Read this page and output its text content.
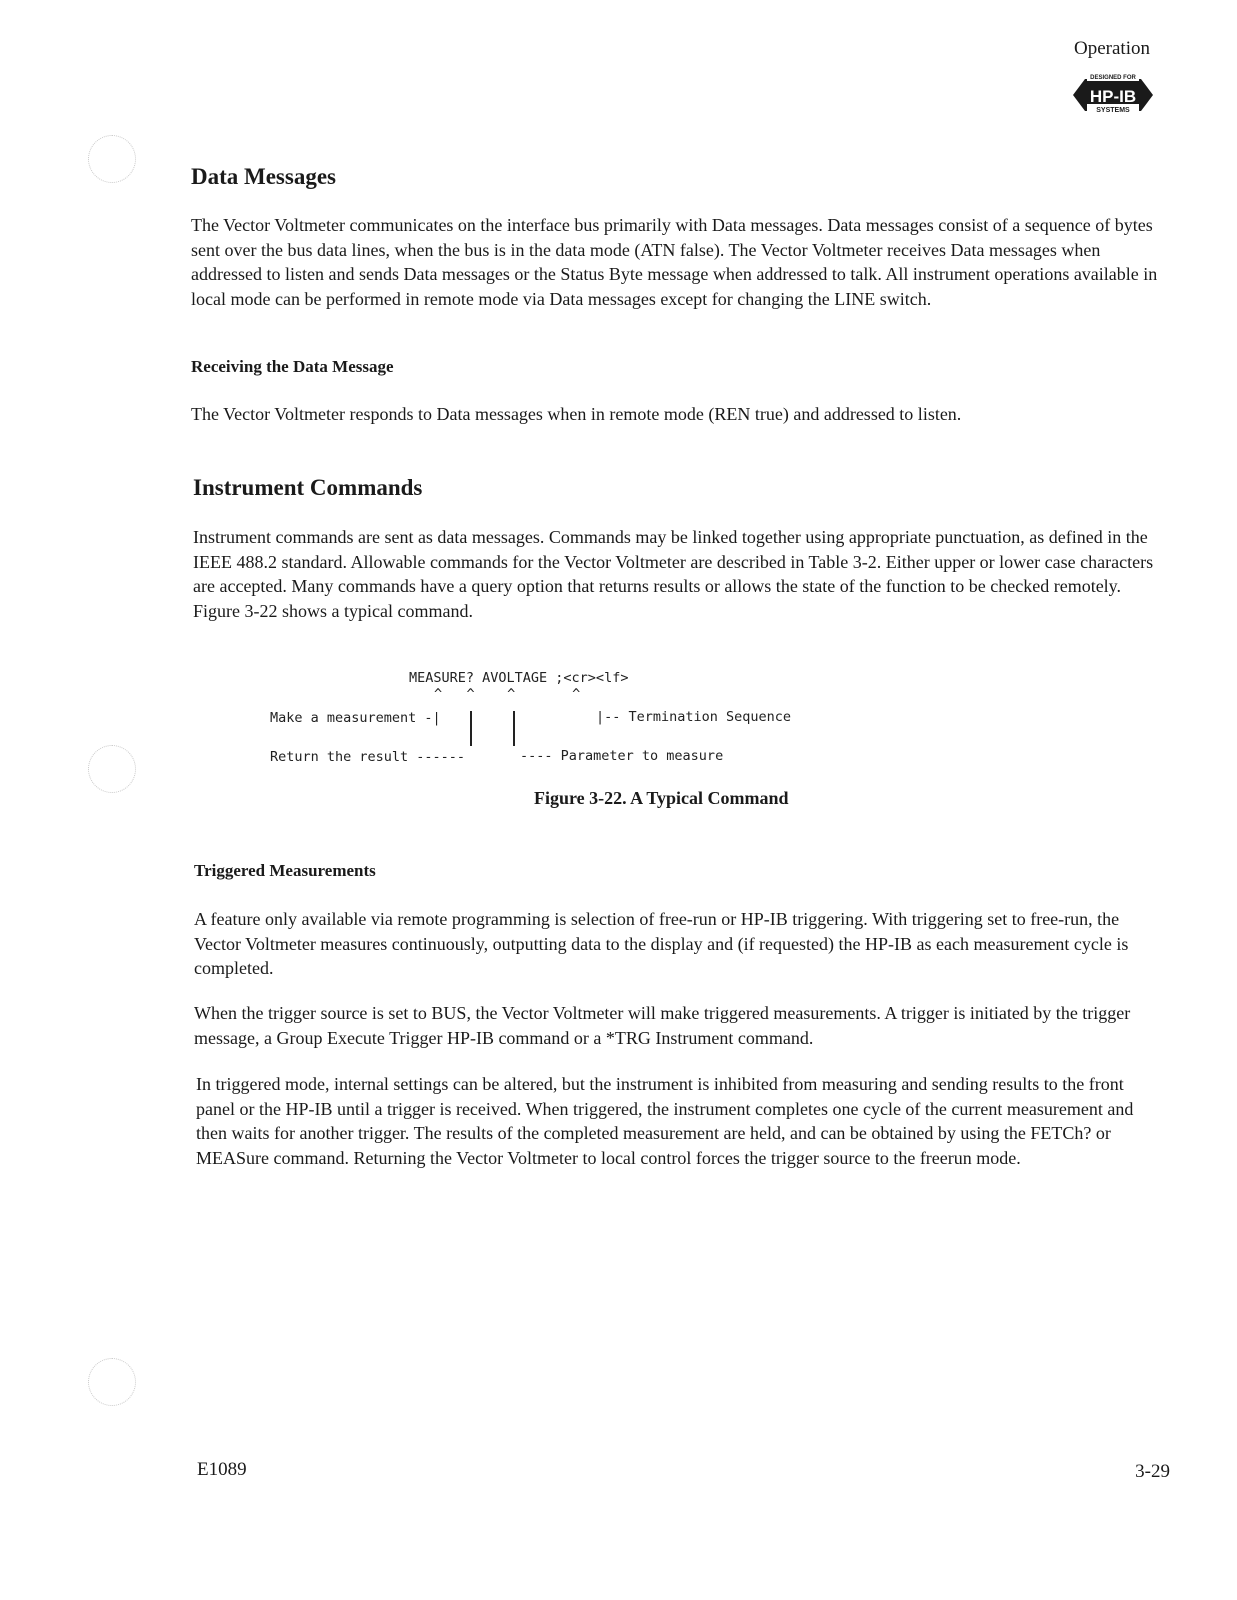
Operation
DESIGNED FOR
HP-IB
SYSTEMS
Data Messages

The Vector Voltmeter communicates on the interface bus primarily with Data messages. Data messages consist of a sequence of bytes sent over the bus data lines, when the bus is in the data mode (ATN false). The Vector Voltmeter receives Data messages when addressed to listen and sends Data messages or the Status Byte message when addressed to talk. All instrument operations available in local mode can be performed in remote mode via Data messages except for changing the LINE switch.

Receiving the Data Message

The Vector Voltmeter responds to Data messages when in remote mode (REN true) and addressed to listen.

Instrument Commands

Instrument commands are sent as data messages. Commands may be linked together using appropriate punctuation, as defined in the IEEE 488.2 standard. Allowable commands for the Vector Voltmeter are described in Table 3-2. Either upper or lower case characters are accepted. Many commands have a query option that returns results or allows the state of the function to be checked remotely. Figure 3-22 shows a typical command.

MEASURE? AVOLTAGE ;<cr><lf>
^   ^    ^       ^
Make a measurement -|	|-- Termination Sequence
Return the result ------	---- Parameter to measure
Figure 3-22. A Typical Command
Triggered Measurements

A feature only available via remote programming is selection of free-run or HP-IB triggering. With triggering set to free-run, the Vector Voltmeter measures continuously, outputting data to the display and (if requested) the HP-IB as each measurement cycle is completed.

When the trigger source is set to BUS, the Vector Voltmeter will make triggered measurements. A trigger is initiated by the trigger message, a Group Execute Trigger HP-IB command or a *TRG Instrument command.

In triggered mode, internal settings can be altered, but the instrument is inhibited from measuring and sending results to the front panel or the HP-IB until a trigger is received. When triggered, the instrument completes one cycle of the current measurement and then waits for another trigger. The results of the completed measurement are held, and can be obtained by using the FETCh? or MEASure command. Returning the Vector Voltmeter to local control forces the trigger source to the freerun mode.

E1089	3-29
